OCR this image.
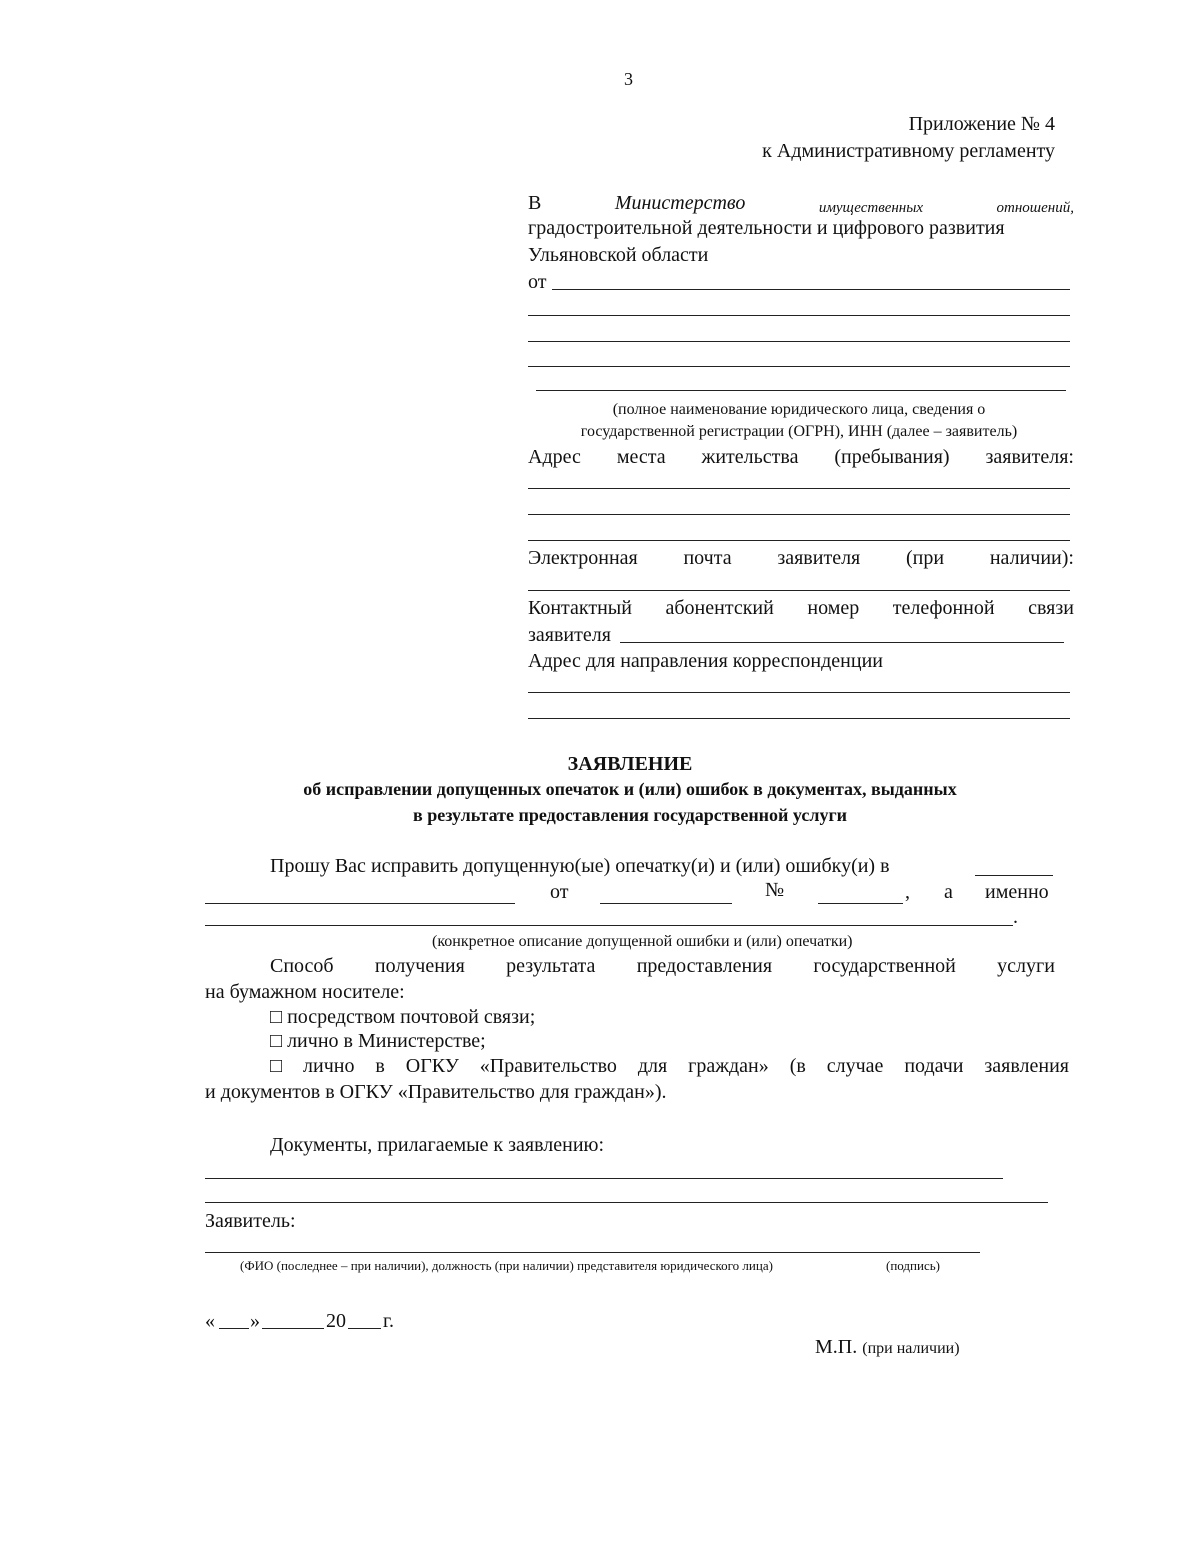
3
Приложение № 4
к Административному регламенту
В	Министерство	имущественных	отношений,
градостроительной деятельности и цифрового развития
Ульяновской области
от
(полное наименование юридического лица, сведения о
государственной регистрации (ОГРН), ИНН (далее – заявитель)
Адрес места жительства (пребывания) заявителя:
Электронная почта заявителя (при наличии):
Контактный абонентский номер телефонной связи
заявителя
Адрес для направления корреспонденции
ЗАЯВЛЕНИЕ
об исправлении допущенных опечаток и (или) ошибок в документах, выданных
в результате предоставления государственной услуги
Прошу Вас исправить допущенную(ые) опечатку(и) и (или) ошибку(и) в
от	№	, а именно
.
(конкретное описание допущенной ошибки и (или) опечатки)
Способ получения результата предоставления государственной услуги
на бумажном носителе:
□ посредством почтовой связи;
□ лично в Министерстве;
□ лично в ОГКУ «Правительство для граждан» (в случае подачи заявления
и документов в ОГКУ «Правительство для граждан»).
Документы, прилагаемые к заявлению:
Заявитель:
(ФИО (последнее – при наличии), должность (при наличии) представителя юридического лица)	(подпись)
« »	20 г.
М.П. (при наличии)
